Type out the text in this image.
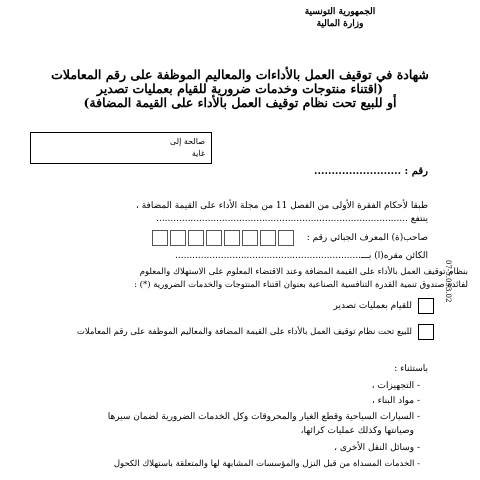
الجمهورية التونسية
وزارة المالية
شهادة في توقيف العمل بالأداءات والمعاليم الموظفة على رقم المعاملات
(اقتناء منتوجات وخدمات ضرورية للقيام بعمليات تصدير
أو للبيع تحت نظام توقيف العمل بالأداء على القيمة المضافة)
صالحة إلى
غاية
رقم : .........................
طبقا لأحكام الفقرة الأولى من الفصل 11 من مجلة الأداء على القيمة المضافة ،
ينتفع ........................................................................................
صاحب(ة) المعرف الجبائي رقم :
الكائن مقره(ا) بـــ.................................................................
بنظام توقيف العمل بالأداء على القيمة المضافة وعند الاقتضاء المعلوم على الاستهلاك والمعلوم
لفائدة صندوق تنمية القدرة التنافسية الصناعية بعنوان اقتناء المنتوجات والخدمات الضرورية (*) :
للقيام بعمليات تصدير
للبيع تحت نظام توقيف العمل بالأداء على القيمة المضافة والمعاليم الموظفة على رقم المعاملات
باستثناء :
- التجهيزات ،
- مواد البناء ،
- السيارات السياحية وقطع الغيار والمحروقات وكل الخدمات الضرورية لضمان سيرها
وصيانتها وكذلك عمليات كرائها،
- وسائل النقل الأخرى ،
- الخدمات المسداة من قبل النزل والمؤسسات المشابهة لها والمتعلقة باستهلاك الكحول
07-5.053.02
